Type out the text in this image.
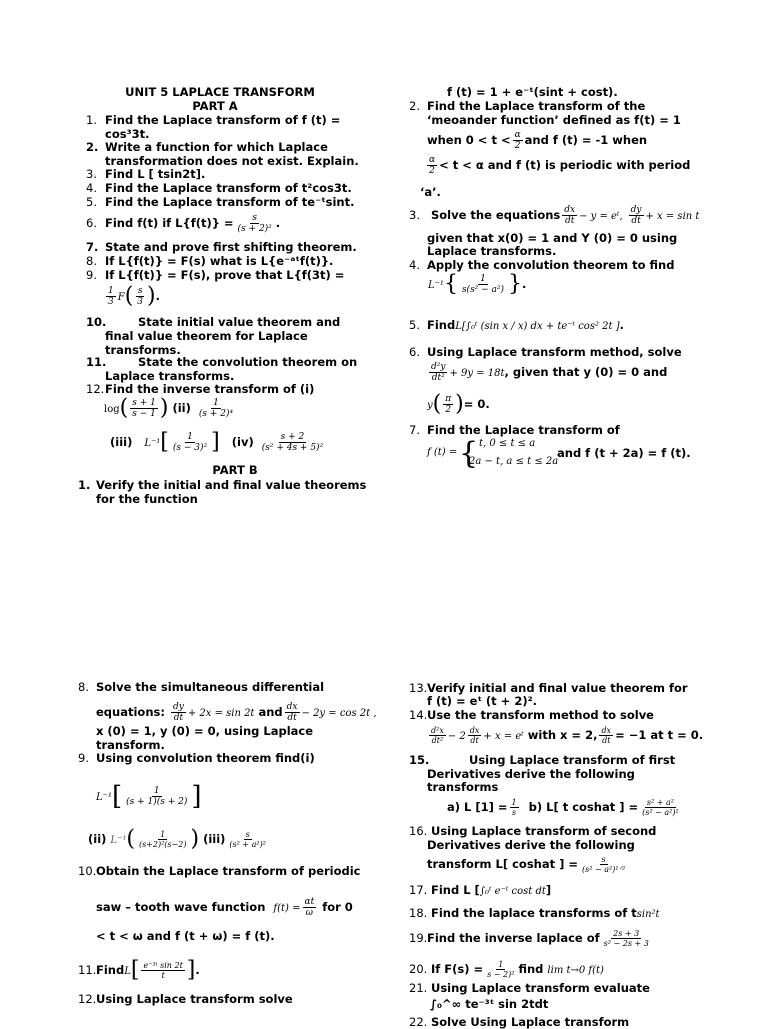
UNIT 5 LAPLACE TRANSFORM
PART A
1. Find the Laplace transform of f (t) =
cos³3t.
2. Write a function for which Laplace
transformation does not exist. Explain.
3. Find L [ tsin2t].
4. Find the Laplace transform of t²cos3t.
5. Find the Laplace transform of te⁻ᵗsint.
6. Find f(t) if $L\{f(t)\} = \frac{s}{\text{(s + 2)²}}$ .
7. State and prove first shifting theorem.
8. If L{f(t)} = F(s) what is L{e⁻ᵃᵗf(t)}.
9. If L{f(t)} = F(s), prove that L{f(3t) =
$\frac{1}{3} F( \frac{s}{3}$ ).
10.	State initial value theorem and
final value theorem for Laplace
transforms.
11.	State the convolution theorem on
Laplace transforms.
12.Find the inverse transform of (i)
$\log( \frac{s + 1}{s - 1}$ ) $(ii) \frac{1}{\text{(s + 2)⁴}}$
(iii) $L^{-1}[ \frac{1}{\text{(s − 3)²}}$ ] $(iv) \frac{s + 2}{\text{(s² + 4s + 5)²}}$
PART B
1. Verify the initial and final value theorems
for the function
f (t) = 1 + e⁻ᵗ(sint + cost).
2. Find the Laplace transform of the
‘meoander function’ defined as f(t) = 1
when $0 < t < \frac{\alpha}{2}$ and f (t) = -1 when
$\frac{\alpha}{2} < t < \alpha$ and f (t) is periodic with period
‘a’.
3. Solve the equations $\frac{dx}{dt} - y$ = eᵗ, $\frac{dy}{dt} + x = \sin t$
given that x(0) = 1 and Y (0) = 0 using
Laplace transforms.
4. Apply the convolution theorem to find
$L^{-1}\{ \frac{1}{\text{s(s² − a²)}}$ }.
5. FindL[∫₀ᵗ (sin x / x) dx + te⁻ᵗ cos² 2t ].
6. Using Laplace transform method, solve
$\frac{\text{d²y}}{\text{dt²}} + 9y = 18t$, given that y (0) = 0 and
$y( \frac{\pi}{2}$ )= 0.
7. Find the Laplace transform of
f (t) = { t, 0 ≤ t ≤ a
2a − t, a ≤ t ≤ 2a
and f (t + 2a) = f (t).
8. Solve the simultaneous differential
equations: $\frac{dy}{dt} + 2x = \sin 2t$ and $\frac{dx}{dt} - 2y = \cos 2t$ ,
x (0) = 1, y (0) = 0, using Laplace
transform.
9. Using convolution theorem find(i)
$L^{-1}[ \frac{1}{(s + 1)(s + 2)}$ ]
(ii) $L^{-1}( \frac{1}{\text{(s+2)²(s−2)}}$ ) $(iii) \frac{s}{\text{(s² + a²)²}}$
10.Obtain the Laplace transform of periodic
saw – tooth wave function $f(t) = \frac{\alpha t}{\omega}$ for 0
< t < ω and f (t + ω) = f (t).
11.FindL[ $\frac{\text{e⁻³ᵗ sin 2t}}{t}$ ].
12.Using Laplace transform solve
13.Verify initial and final value theorem for
f (t) = eᵗ (t + 2)².
14.Use the transform method to solve
$\frac{\text{d²x}}{\text{dt²}} - 2 \frac{dx}{dt} + x$ = eᵗ with x = 2, $\frac{dx}{dt} = -1$ at t = 0.
15.	Using Laplace transform of first
Derivatives derive the following
transforms
a) L $[1] = \frac{1}{s} b$) L[ t coshat ] = $\frac{\text{s² + a²}}{\text{(s² − a²)²}}$
16. Using Laplace transform of second
Derivatives derive the following
transform L[ coshat ] = $\frac{s}{\text{(s² − a²)¹ᐟ²}}$
17. Find L [∫₀ᵗ e⁻ᵗ cost dt]
18. Find the laplace transforms of tsin²t
19.Find the inverse laplace of $\frac{2s + 3}{\text{s² − 2s + 3}}$
20. If $F(s) = \frac{1}{\text{s − 2)²}}$ find lim t→0 f(t)
21. Using Laplace transform evaluate
∫₀^∞ te⁻³ᵗ sin 2tdt
22. Solve Using Laplace transform
